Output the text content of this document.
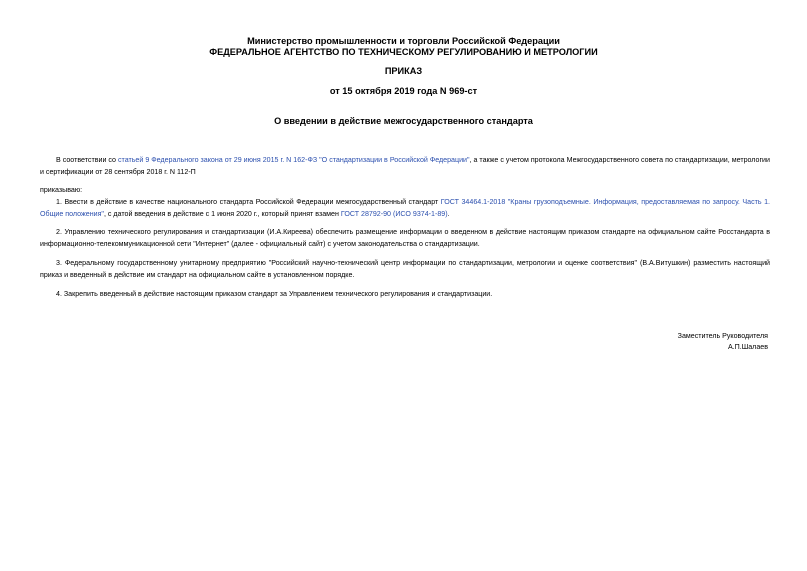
Министерство промышленности и торговли Российской Федерации
ФЕДЕРАЛЬНОЕ АГЕНТСТВО ПО ТЕХНИЧЕСКОМУ РЕГУЛИРОВАНИЮ И МЕТРОЛОГИИ
ПРИКАЗ
от 15 октября 2019 года N 969-ст
О введении в действие межгосударственного стандарта

В соответствии со статьей 9 Федерального закона от 29 июня 2015 г. N 162-ФЗ "О стандартизации в Российской Федерации", а также с учетом протокола Межгосударственного совета по стандартизации, метрологии и сертификации от 28 сентября 2018 г. N 112-П

приказываю:

1. Ввести в действие в качестве национального стандарта Российской Федерации межгосударственный стандарт ГОСТ 34464.1-2018 "Краны грузоподъемные. Информация, предоставляемая по запросу. Часть 1. Общие положения", с датой введения в действие с 1 июня 2020 г., который принят взамен ГОСТ 28792-90 (ИСО 9374-1-89).

2. Управлению технического регулирования и стандартизации (И.А.Киреева) обеспечить размещение информации о введенном в действие настоящим приказом стандарте на официальном сайте Росстандарта в информационно-телекоммуникационной сети "Интернет" (далее - официальный сайт) с учетом законодательства о стандартизации.

3. Федеральному государственному унитарному предприятию "Российский научно-технический центр информации по стандартизации, метрологии и оценке соответствия" (В.А.Витушкин) разместить настоящий приказ и введенный в действие им стандарт на официальном сайте в установленном порядке.

4. Закрепить введенный в действие настоящим приказом стандарт за Управлением технического регулирования и стандартизации.

Заместитель Руководителя
А.П.Шалаев
